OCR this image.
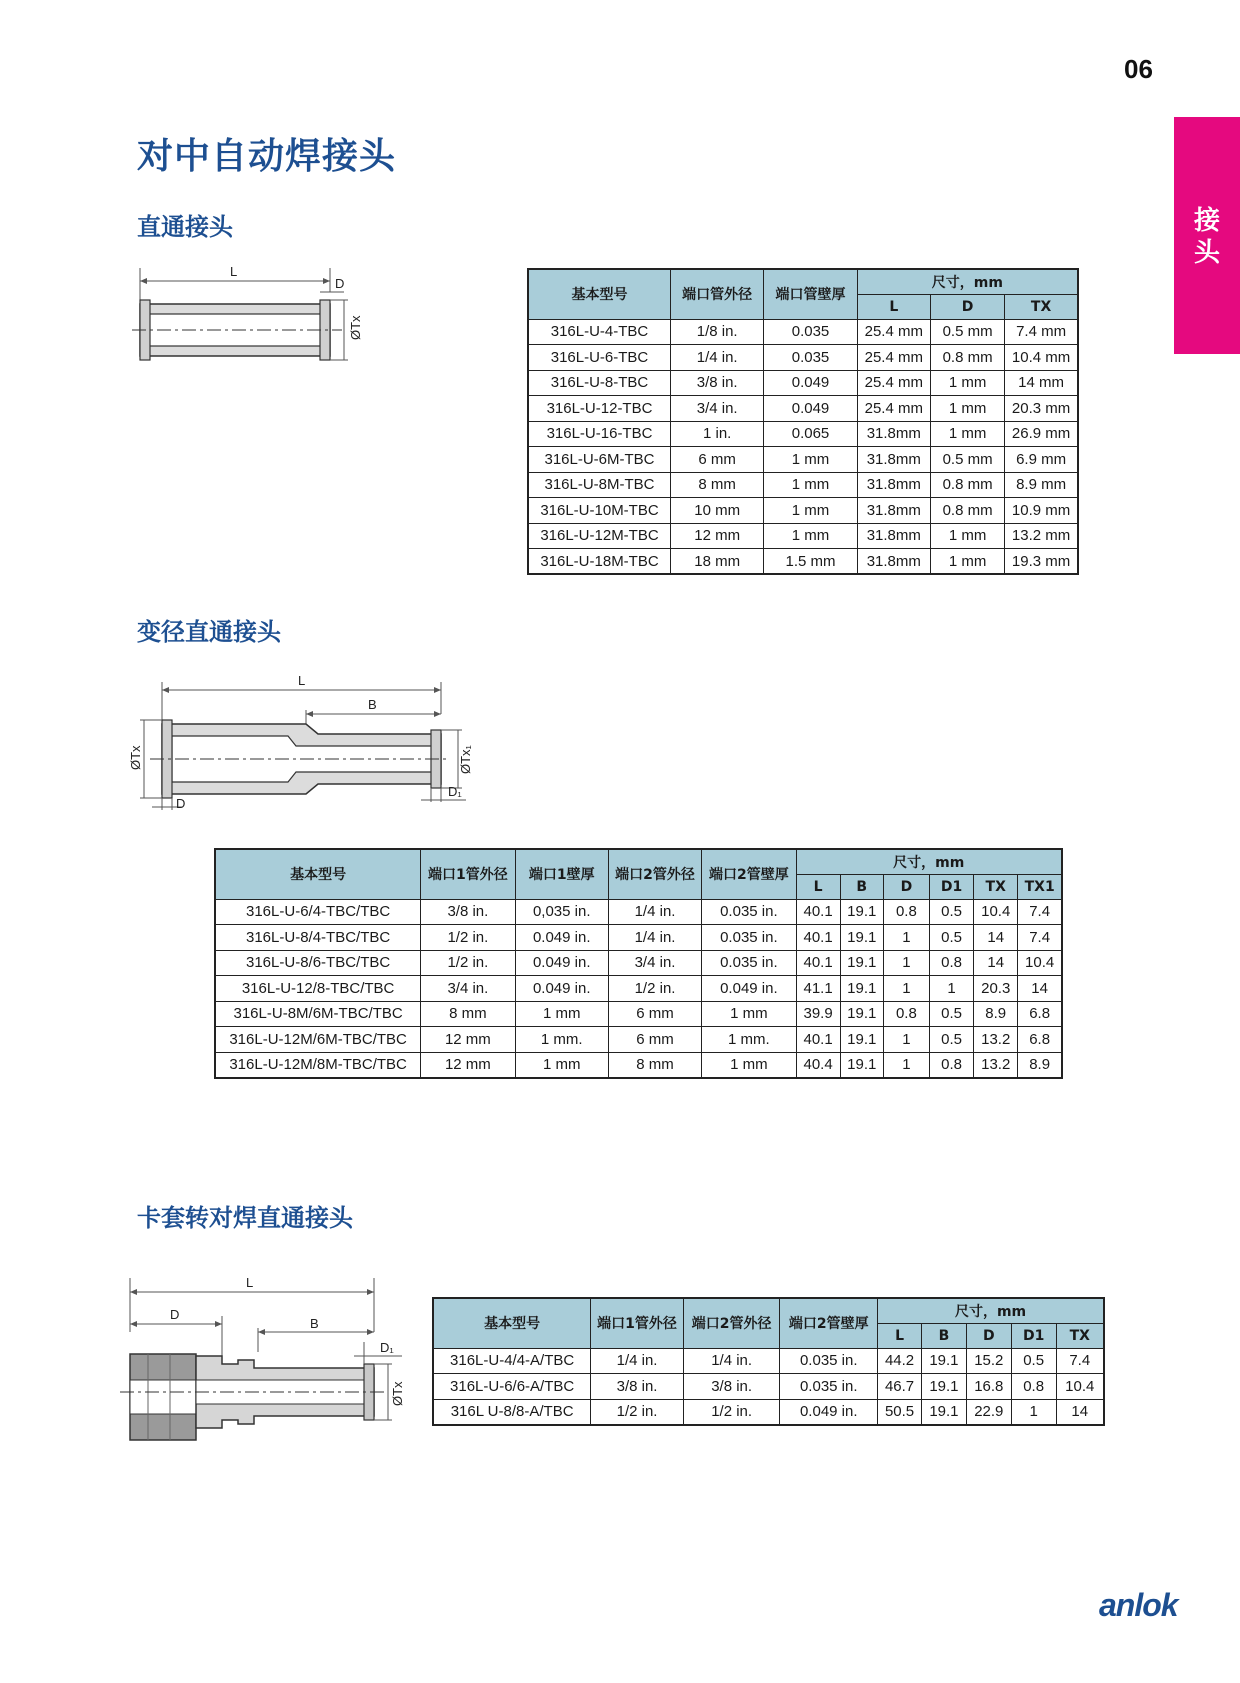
06
接
头
对中自动焊接头
直通接头
L
D
ØTx
基本型号	端口管外径	端口管壁厚	尺寸，mm		
			L	D	TX
316L-U-4-TBC	1/8 in.	0.035	25.4 mm	0.5 mm	7.4 mm
316L-U-6-TBC	1/4 in.	0.035	25.4 mm	0.8 mm	10.4 mm
316L-U-8-TBC	3/8 in.	0.049	25.4 mm	1 mm	14 mm
316L-U-12-TBC	3/4 in.	0.049	25.4 mm	1 mm	20.3 mm
316L-U-16-TBC	1 in.	0.065	31.8mm	1 mm	26.9 mm
316L-U-6M-TBC	6 mm	1 mm	31.8mm	0.5 mm	6.9 mm
316L-U-8M-TBC	8 mm	1 mm	31.8mm	0.8 mm	8.9 mm
316L-U-10M-TBC	10 mm	1 mm	31.8mm	0.8 mm	10.9 mm
316L-U-12M-TBC	12 mm	1 mm	31.8mm	1 mm	13.2 mm
316L-U-18M-TBC	18 mm	1.5 mm	31.8mm	1 mm	19.3 mm
变径直通接头
L
B
ØTx	ØTx₁
D
D₁
基本型号	端口1管外径	端口1壁厚	端口2管外径	端口2管壁厚	尺寸，mm					
					L	B	D	D1	TX	TX1
316L-U-6/4-TBC/TBC	3/8 in.	0,035 in.	1/4 in.	0.035 in.	40.1	19.1	0.8	0.5	10.4	7.4
316L-U-8/4-TBC/TBC	1/2 in.	0.049 in.	1/4 in.	0.035 in.	40.1	19.1	1	0.5	14	7.4
316L-U-8/6-TBC/TBC	1/2 in.	0.049 in.	3/4 in.	0.035 in.	40.1	19.1	1	0.8	14	10.4
316L-U-12/8-TBC/TBC	3/4 in.	0.049 in.	1/2 in.	0.049 in.	41.1	19.1	1	1	20.3	14
316L-U-8M/6M-TBC/TBC	8 mm	1 mm	6 mm	1 mm	39.9	19.1	0.8	0.5	8.9	6.8
316L-U-12M/6M-TBC/TBC	12 mm	1 mm.	6 mm	1 mm.	40.1	19.1	1	0.5	13.2	6.8
316L-U-12M/8M-TBC/TBC	12 mm	1 mm	8 mm	1 mm	40.4	19.1	1	0.8	13.2	8.9
卡套转对焊直通接头
L
D
B
D₁
ØTx
基本型号	端口1管外径	端口2管外径	端口2管壁厚	尺寸，mm				
				L	B	D	D1	TX
316L-U-4/4-A/TBC	1/4 in.	1/4 in.	0.035 in.	44.2	19.1	15.2	0.5	7.4
316L-U-6/6-A/TBC	3/8 in.	3/8 in.	0.035 in.	46.7	19.1	16.8	0.8	10.4
316L U-8/8-A/TBC	1/2 in.	1/2 in.	0.049 in.	50.5	19.1	22.9	1	14
anlok
